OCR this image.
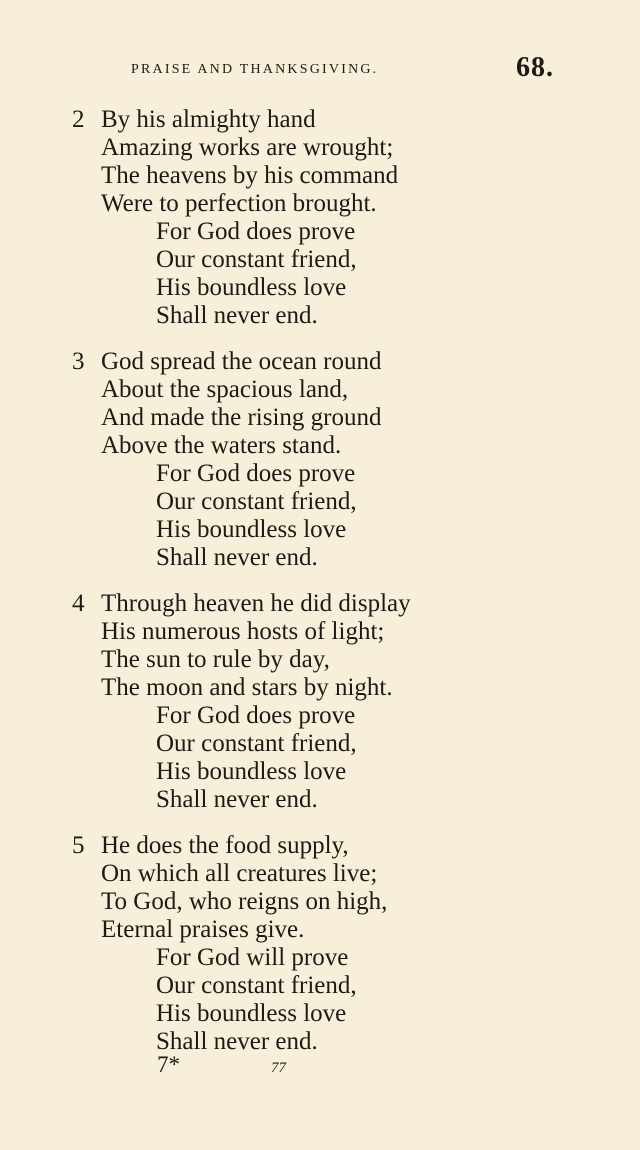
PRAISE AND THANKSGIVING.	68.
2 By his almighty hand
Amazing works are wrought;
The heavens by his command
Were to perfection brought.
For God does prove
Our constant friend,
His boundless love
Shall never end.
3 God spread the ocean round
About the spacious land,
And made the rising ground
Above the waters stand.
For God does prove
Our constant friend,
His boundless love
Shall never end.
4 Through heaven he did display
His numerous hosts of light;
The sun to rule by day,
The moon and stars by night.
For God does prove
Our constant friend,
His boundless love
Shall never end.
5 He does the food supply,
On which all creatures live;
To God, who reigns on high,
Eternal praises give.
For God will prove
Our constant friend,
His boundless love
Shall never end.
7*	77
